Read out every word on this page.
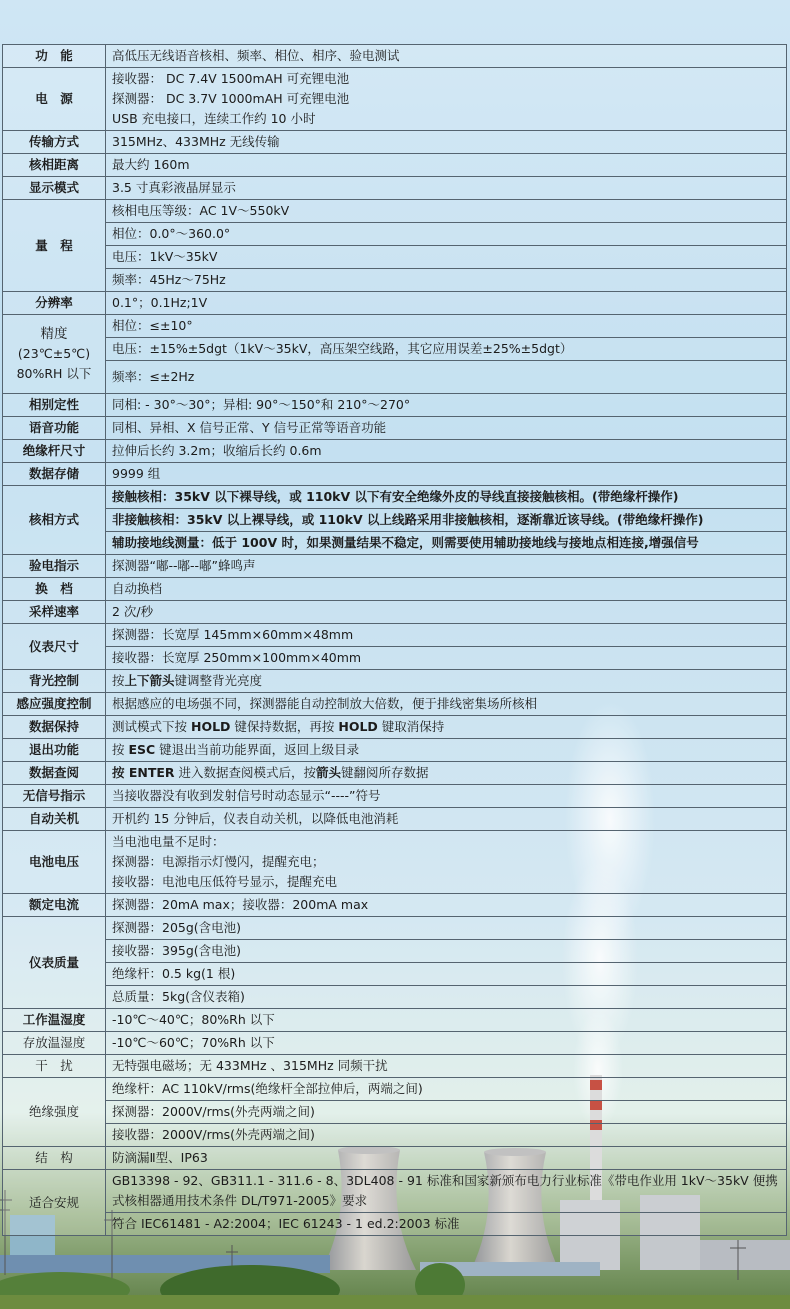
功　能	高低压无线语音核相、频率、相位、相序、验电测试
电　源	接收器： DC 7.4V 1500mAH 可充锂电池
探测器： DC 3.7V 1000mAH 可充锂电池
USB 充电接口，连续工作约 10 小时

传输方式	315MHz、433MHz 无线传输
核相距离	最大约 160m
显示模式	3.5 寸真彩液晶屏显示
量　程	核相电压等级：AC 1V～550kV
	相位：0.0°～360.0°
	电压：1kV～35kV
	频率：45Hz～75Hz
分辨率	0.1°；0.1Hz;1V

精度
(23℃±5℃)
80%RH 以下	相位：≤±10°
	电压：±15%±5dgt（1kV～35kV，高压架空线路，其它应用误差±25%±5dgt）
	频率：≤±2Hz
相别定性	同相: - 30°～30°；异相: 90°～150°和 210°～270°
语音功能	同相、异相、X 信号正常、Y 信号正常等语音功能
绝缘杆尺寸	拉伸后长约 3.2m；收缩后长约 0.6m
数据存储	9999 组
核相方式	接触核相：35kV 以下裸导线，或 110kV 以下有安全绝缘外皮的导线直接接触核相。(带绝缘杆操作)
	非接触核相：35kV 以上裸导线，或 110kV 以上线路采用非接触核相，逐渐靠近该导线。(带绝缘杆操作)
	辅助接地线测量：低于 100V 时，如果测量结果不稳定，则需要使用辅助接地线与接地点相连接,增强信号
验电指示	探测器“嘟--嘟--嘟”蜂鸣声
换　档	自动换档
采样速率	2 次/秒
仪表尺寸	探测器：长宽厚 145mm×60mm×48mm
	接收器：长宽厚 250mm×100mm×40mm
背光控制	按上下箭头键调整背光亮度
感应强度控制	根据感应的电场强不同，探测器能自动控制放大倍数，便于排线密集场所核相
数据保持	测试模式下按 HOLD 键保持数据，再按 HOLD 键取消保持
退出功能	按 ESC 键退出当前功能界面，返回上级目录
数据查阅	按 ENTER 进入数据查阅模式后，按箭头键翻阅所存数据
无信号指示	当接收器没有收到发射信号时动态显示“----”符号
自动关机	开机约 15 分钟后，仪表自动关机，以降低电池消耗
电池电压	当电池电量不足时：
探测器：电源指示灯慢闪，提醒充电；
接收器：电池电压低符号显示，提醒充电

额定电流	探测器：20mA max；接收器：200mA max
仪表质量	探测器：205g(含电池)
	接收器：395g(含电池)
	绝缘杆：0.5 kg(1 根)
	总质量：5kg(含仪表箱)
工作温湿度	-10℃～40℃；80%Rh 以下
存放温湿度	-10℃～60℃；70%Rh 以下
干　扰	无特强电磁场；无 433MHz 、315MHz 同频干扰
绝缘强度	绝缘杆：AC 110kV/rms(绝缘杆全部拉伸后，两端之间)
	探测器：2000V/rms(外壳两端之间)
	接收器：2000V/rms(外壳两端之间)
结　构	防滴漏Ⅱ型、IP63
适合安规	GB13398 - 92、GB311.1 - 311.6 - 8、3DL408 - 91 标准和国家新颁布电力行业标准《带电作业用 1kV～35kV 便携式核相器通用技术条件 DL/T971-2005》要求
	符合 IEC61481 - A2:2004；IEC 61243 - 1 ed.2:2003 标准
